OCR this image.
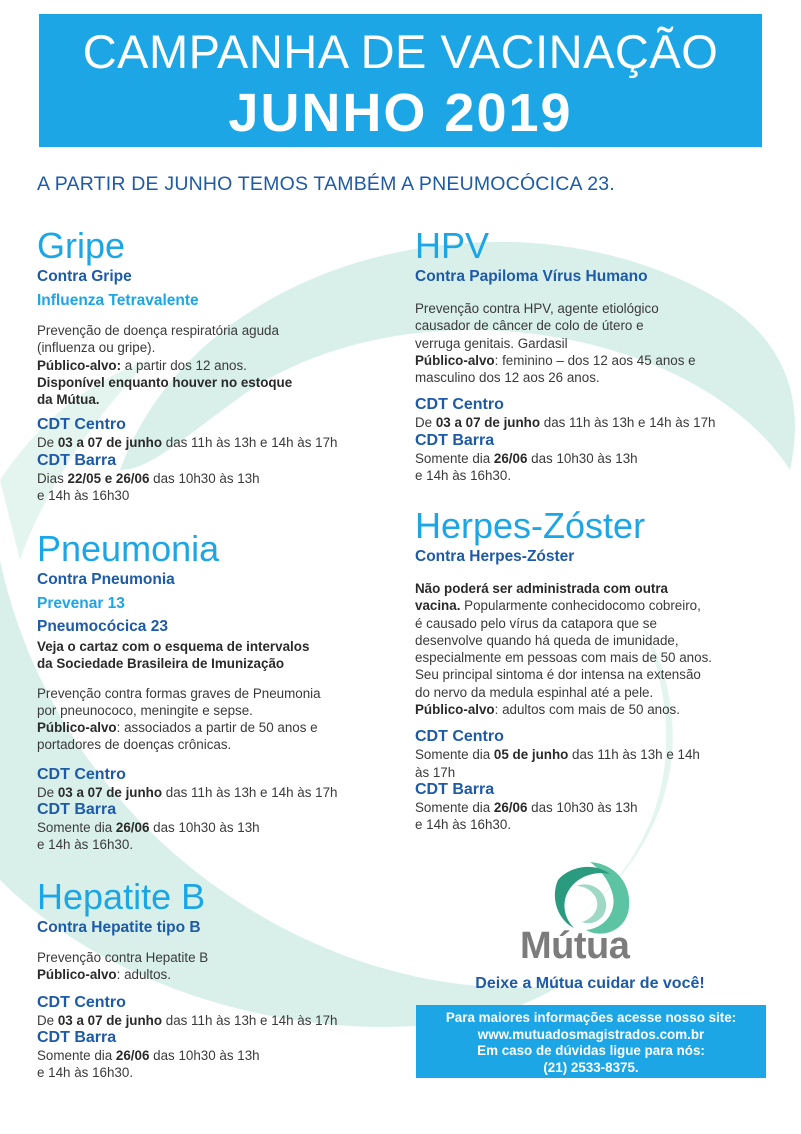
CAMPANHA DE VACINAÇÃO
JUNHO 2019
A PARTIR DE JUNHO TEMOS TAMBÉM A PNEUMOCÓCICA 23.
Gripe
Contra Gripe
Influenza Tetravalente
Prevenção de doença respiratória aguda
(influenza ou gripe).
Público-alvo: a partir dos 12 anos.
Disponível enquanto houver no estoque
da Mútua.
CDT Centro
De 03 a 07 de junho das 11h às 13h e 14h às 17h
CDT Barra
Dias 22/05 e 26/06 das 10h30 às 13h
e 14h às 16h30
Pneumonia
Contra Pneumonia
Prevenar 13
Pneumocócica 23
Veja o cartaz com o esquema de intervalos
da Sociedade Brasileira de Imunização
Prevenção contra formas graves de Pneumonia
por pneunococo, meningite e sepse.
Público-alvo: associados a partir de 50 anos e
portadores de doenças crônicas.
CDT Centro
De 03 a 07 de junho das 11h às 13h e 14h às 17h
CDT Barra
Somente dia 26/06 das 10h30 às 13h
e 14h às 16h30.
Hepatite B
Contra Hepatite tipo B
Prevenção contra Hepatite B
Público-alvo: adultos.
CDT Centro
De 03 a 07 de junho das 11h às 13h e 14h às 17h
CDT Barra
Somente dia 26/06 das 10h30 às 13h
e 14h às 16h30.
HPV
Contra Papiloma Vírus Humano
Prevenção contra HPV, agente etiológico
causador de câncer de colo de útero e
verruga genitais. Gardasil
Público-alvo: feminino – dos 12 aos 45 anos e
masculino dos 12 aos 26 anos.
CDT Centro
De 03 a 07 de junho das 11h às 13h e 14h às 17h
CDT Barra
Somente dia 26/06 das 10h30 às 13h
e 14h às 16h30.
Herpes-Zóster
Contra Herpes-Zóster
Não poderá ser administrada com outra
vacina. Popularmente conhecidocomo cobreiro,
é causado pelo vírus da catapora que se
desenvolve quando há queda de imunidade,
especialmente em pessoas com mais de 50 anos.
Seu principal sintoma é dor intensa na extensão
do nervo da medula espinhal até a pele.
Público-alvo: adultos com mais de 50 anos.
CDT Centro
Somente dia 05 de junho das 11h às 13h e 14h
às 17h
CDT Barra
Somente dia 26/06 das 10h30 às 13h
e 14h às 16h30.
Mútua
Deixe a Mútua cuidar de você!
Para maiores informações acesse nosso site:
www.mutuadosmagistrados.com.br
Em caso de dúvidas ligue para nós:
(21) 2533-8375.
